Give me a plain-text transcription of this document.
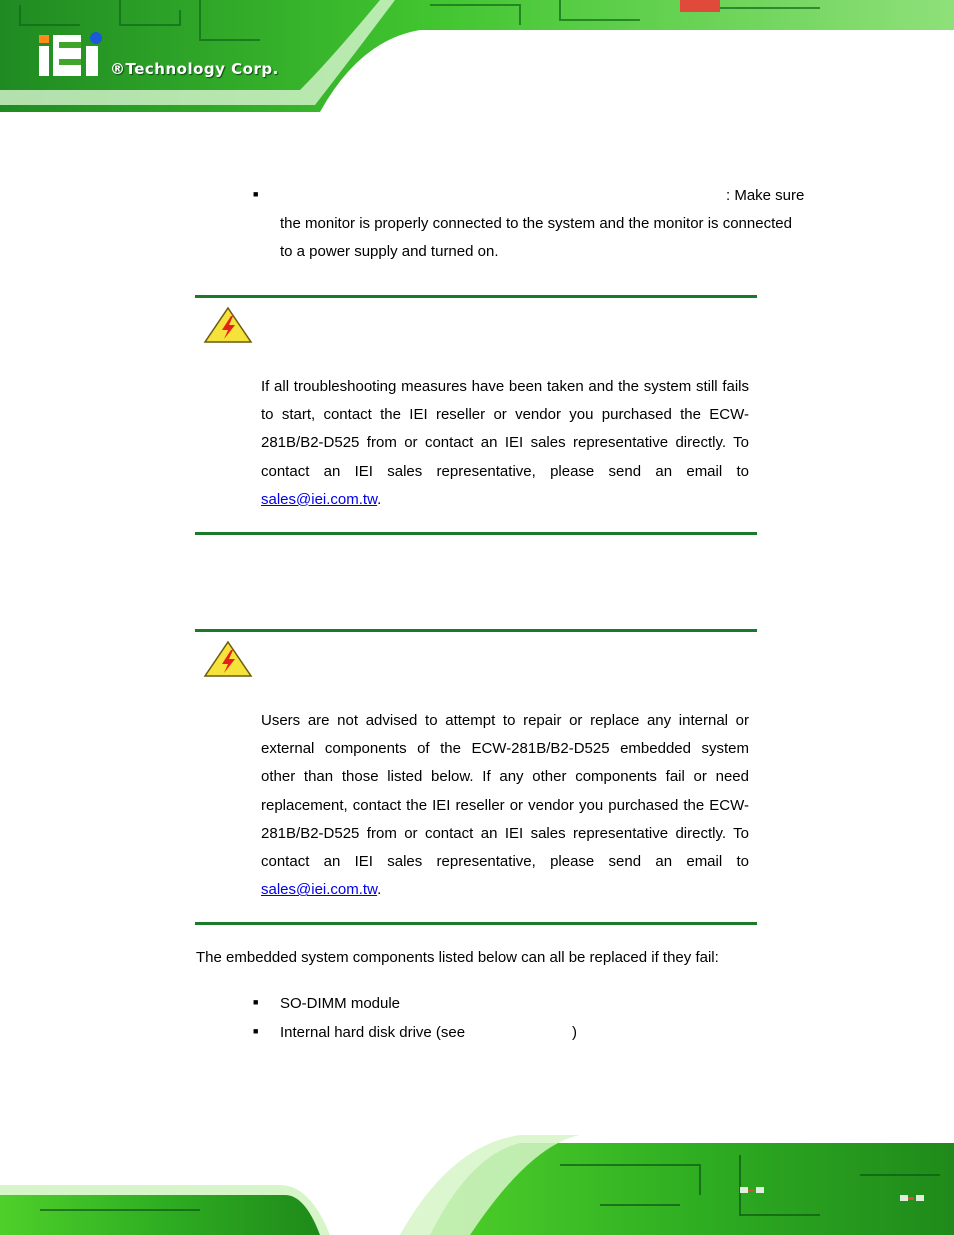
®Technology Corp.
■	: Make sure
the monitor is properly connected to the system and the monitor is connected
to a power supply and turned on.
If all troubleshooting measures have been taken and the system still fails to start, contact the IEI reseller or vendor you purchased the ECW-281B/B2-D525 from or contact an IEI sales representative directly. To contact an IEI sales representative, please send an email to sales@iei.com.tw.
Users are not advised to attempt to repair or replace any internal or external components of the ECW-281B/B2-D525 embedded system other than those listed below. If any other components fail or need replacement, contact the IEI reseller or vendor you purchased the ECW-281B/B2-D525 from or contact an IEI sales representative directly. To contact an IEI sales representative, please send an email to sales@iei.com.tw.
The embedded system components listed below can all be replaced if they fail:
■ SO-DIMM module
■ Internal hard disk drive (see	)
